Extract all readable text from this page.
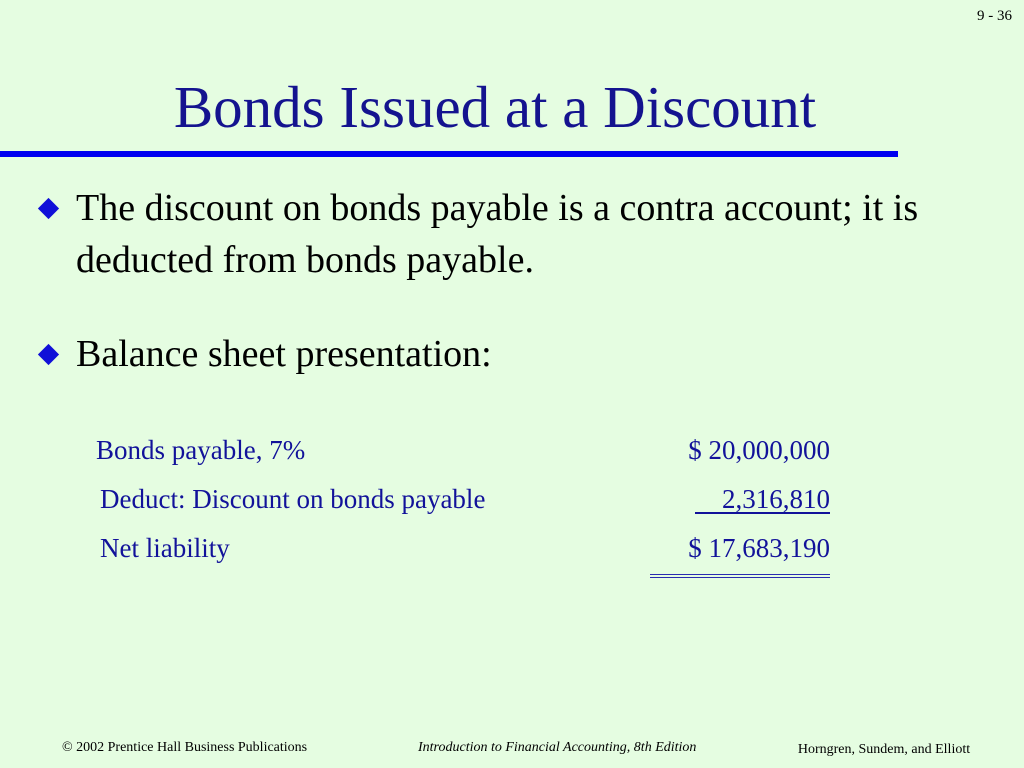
9 - 36
Bonds Issued at a Discount
The discount on bonds payable is a contra account; it is deducted from bonds payable.
Balance sheet presentation:
Bonds payable, 7%	$ 20,000,000
Deduct: Discount on bonds payable	2,316,810
Net liability	$ 17,683,190
© 2002 Prentice Hall Business Publications	Introduction to Financial Accounting, 8th Edition	Horngren, Sundem, and Elliott
